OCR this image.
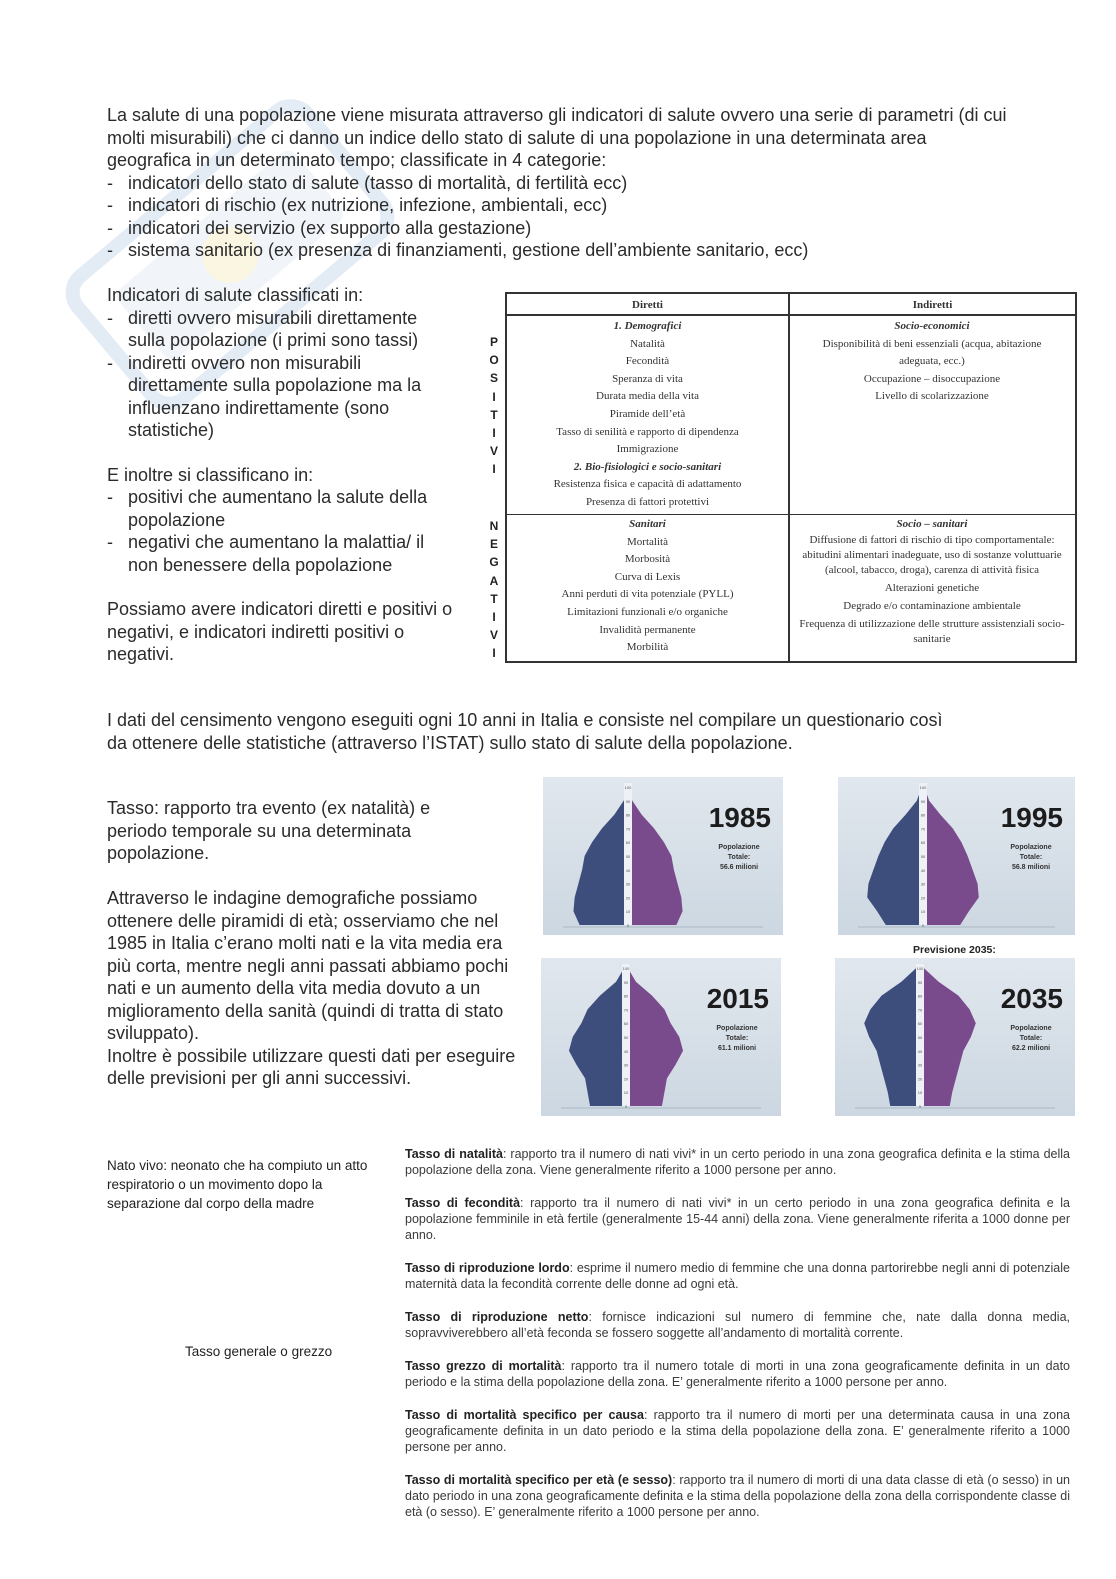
La salute di una popolazione viene misurata attraverso gli indicatori di salute ovvero una serie di parametri (di cui molti misurabili) che ci danno un indice dello stato di salute di una popolazione in una determinata area geografica in un determinato tempo; classificate in 4 categorie:
- indicatori dello stato di salute (tasso di mortalità, di fertilità ecc)
- indicatori di rischio (ex nutrizione, infezione, ambientali, ecc)
- indicatori dei servizio (ex supporto alla gestazione)
- sistema sanitario (ex presenza di finanziamenti, gestione dell’ambiente sanitario, ecc)
Indicatori di salute classificati in:
- diretti ovvero misurabili direttamente sulla popolazione (i primi sono tassi)
- indiretti ovvero non misurabili direttamente sulla popolazione ma la influenzano indirettamente (sono statistiche)
E inoltre si classificano in:
- positivi che aumentano la salute della popolazione
- negativi che aumentano la malattia/ il non benessere della popolazione
Possiamo avere indicatori diretti e positivi o negativi, e indicatori indiretti positivi o negativi.
P
O
S
I
T
I
V
I
N
E
G
A
T
I
V
I
Diretti	Indiretti
1. Demografici
Natalità
Fecondità
Speranza di vita
Durata media della vita
Piramide dell’età
Tasso di senilità e rapporto di dipendenza
Immigrazione
2. Bio-fisiologici e socio-sanitari
Resistenza fisica e capacità di adattamento
Presenza di fattori protettivi
Socio-economici
Disponibilità di beni essenziali (acqua, abitazione adeguata, ecc.)
Occupazione – disoccupazione
Livello di scolarizzazione
Sanitari
Mortalità
Morbosità
Curva di Lexis
Anni perduti di vita potenziale (PYLL)
Limitazioni funzionali e/o organiche
Invalidità permanente
Morbilità
Socio – sanitari
Diffusione di fattori di rischio di tipo comportamentale: abitudini alimentari inadeguate, uso di sostanze voluttuarie (alcool, tabacco, droga), carenza di attività fisica
Alterazioni genetiche
Degrado e/o contaminazione ambientale
Frequenza di utilizzazione delle strutture assistenziali socio-sanitarie
I dati del censimento vengono eseguiti ogni 10 anni in Italia e consiste nel compilare un questionario così da ottenere delle statistiche (attraverso l’ISTAT) sullo stato di salute della popolazione.
Tasso: rapporto tra evento (ex natalità) e periodo temporale su una determinata popolazione.
Attraverso le indagine demografiche possiamo ottenere delle piramidi di età; osserviamo che nel 1985 in Italia c’erano molti nati e la vita media era più corta, mentre negli anni passati abbiamo pochi nati e un aumento della vita media dovuto a un miglioramento della sanità (quindi di tratta di stato sviluppato).
Inoltre è possibile utilizzare questi dati per eseguire delle previsioni per gli anni successivi.
0
10
20
30
40
50
60
70
80
90
100
1985
Popolazione Totale:
56.6 milioni
0
10
20
30
40
50
60
70
80
90
100
1995
Popolazione Totale:
56.8 milioni
Previsione 2035:
0
10
20
30
40
50
60
70
80
90
100
2015
Popolazione Totale:
61.1 milioni
0
10
20
30
40
50
60
70
80
90
100
2035
Popolazione Totale:
62.2 milioni
Nato vivo: neonato che ha compiuto un atto respiratorio o un movimento dopo la separazione dal corpo della madre
Tasso generale o grezzo
Tasso di natalità: rapporto tra il numero di nati vivi* in un certo periodo in una zona geografica definita e la stima della popolazione della zona. Viene generalmente riferito a 1000 persone per anno.
Tasso di fecondità: rapporto tra il numero di nati vivi* in un certo periodo in una zona geografica definita e la popolazione femminile in età fertile (generalmente 15-44 anni) della zona. Viene generalmente riferita a 1000 donne per anno.
Tasso di riproduzione lordo: esprime il numero medio di femmine che una donna partorirebbe negli anni di potenziale maternità data la fecondità corrente delle donne ad ogni età.
Tasso di riproduzione netto: fornisce indicazioni sul numero di femmine che, nate dalla donna media, sopravviverebbero all’età feconda se fossero soggette all’andamento di mortalità corrente.
Tasso grezzo di mortalità: rapporto tra il numero totale di morti in una zona geograficamente definita in un dato periodo e la stima della popolazione della zona. E’ generalmente riferito a 1000 persone per anno.
Tasso di mortalità specifico per causa: rapporto tra il numero di morti per una determinata causa in una zona geograficamente definita in un dato periodo e la stima della popolazione della zona. E’ generalmente riferito a 1000 persone per anno.
Tasso di mortalità specifico per età (e sesso): rapporto tra il numero di morti di una data classe di età (o sesso) in un dato periodo in una zona geograficamente definita e la stima della popolazione della zona della corrispondente classe di età (o sesso). E’ generalmente riferito a 1000 persone per anno.
